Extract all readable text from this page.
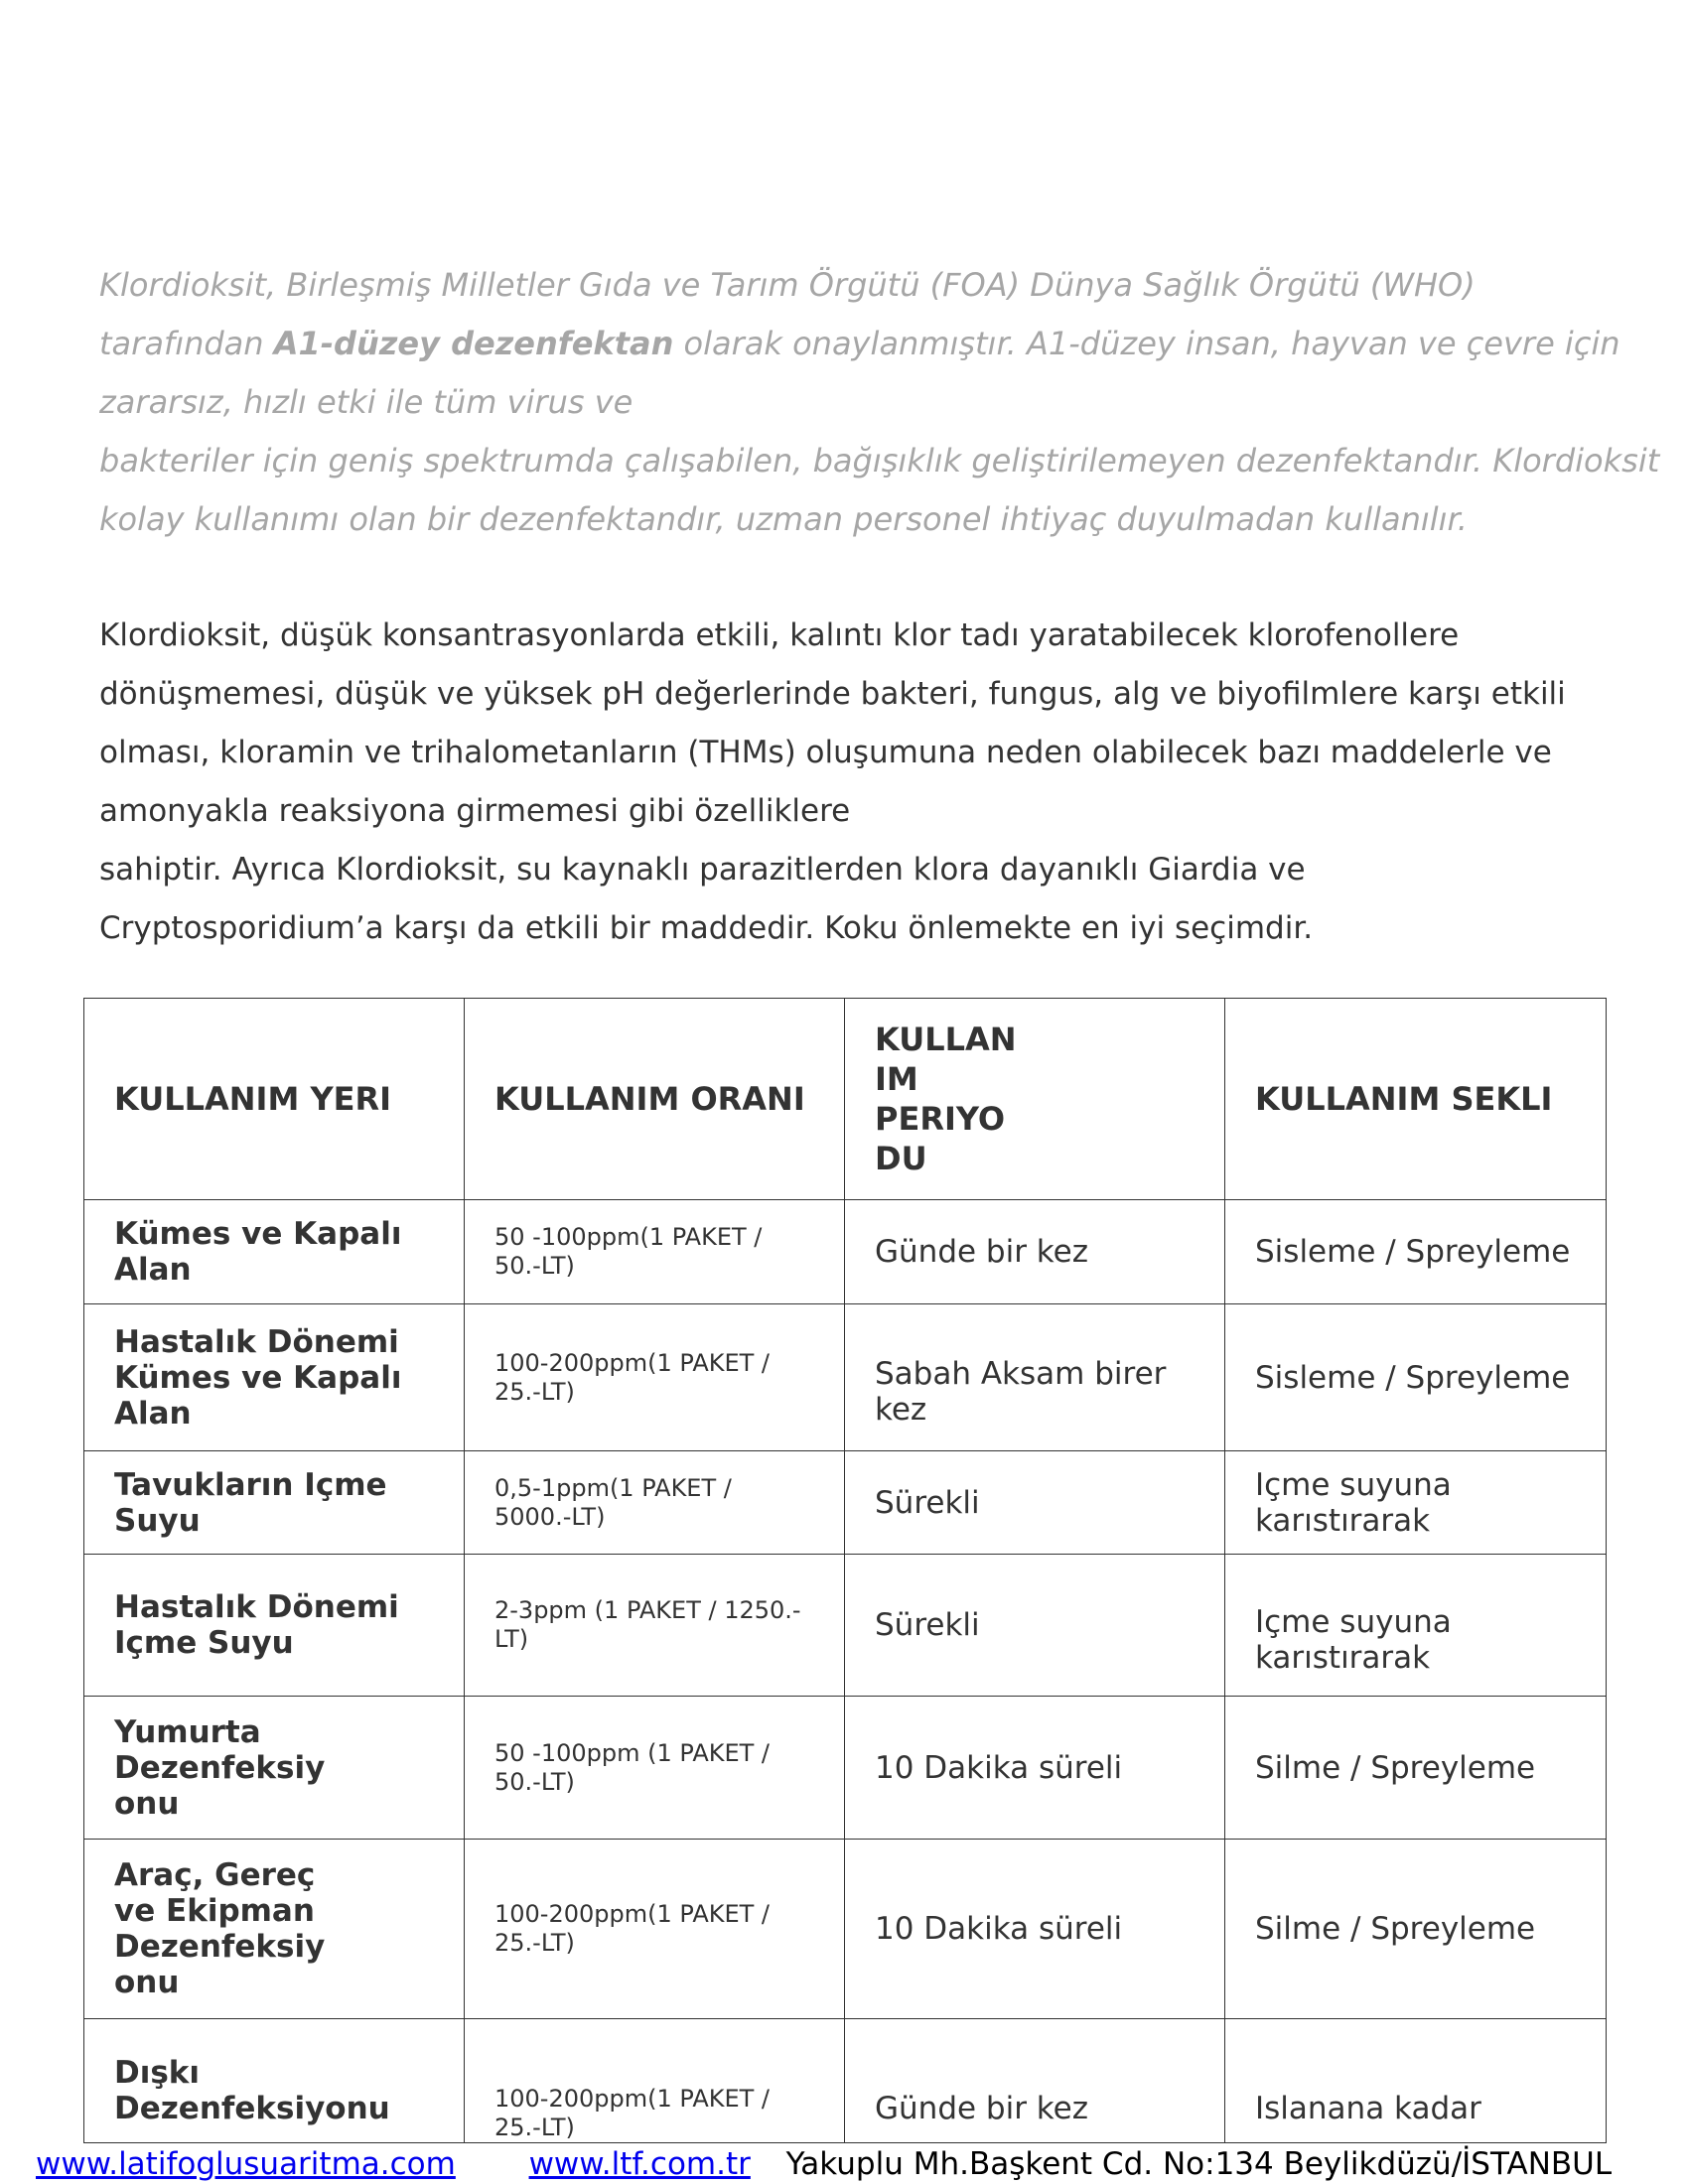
Klordioksit, Birleşmiş Milletler Gıda ve Tarım Örgütü (FOA) Dünya Sağlık Örgütü (WHO)
tarafından A1-düzey dezenfektan olarak onaylanmıştır. A1-düzey insan, hayvan ve çevre için
zararsız, hızlı etki ile tüm virus ve
bakteriler için geniş spektrumda çalışabilen, bağışıklık geliştirilemeyen dezenfektandır. Klordioksit
kolay kullanımı olan bir dezenfektandır, uzman personel ihtiyaç duyulmadan kullanılır.
Klordioksit, düşük konsantrasyonlarda etkili, kalıntı klor tadı yaratabilecek klorofenollere
dönüşmemesi, düşük ve yüksek pH değerlerinde bakteri, fungus, alg ve biyofilmlere karşı etkili
olması, kloramin ve trihalometanların (THMs) oluşumuna neden olabilecek bazı maddelerle ve
amonyakla reaksiyona girmemesi gibi özelliklere
sahiptir. Ayrıca Klordioksit, su kaynaklı parazitlerden klora dayanıklı Giardia ve
Cryptosporidium’a karşı da etkili bir maddedir. Koku önlemekte en iyi seçimdir.
KULLANIM YERI	KULLANIM ORANI	KULLAN
IM
PERIYO
DU	KULLANIM SEKLI
Kümes ve Kapalı
Alan	50 -100ppm(1 PAKET /
50.-LT)	Günde bir kez	Sisleme / Spreyleme
Hastalık Dönemi
Kümes ve Kapalı
Alan	100-200ppm(1 PAKET /
25.-LT)	Sabah Aksam birer
kez	Sisleme / Spreyleme
Tavukların Içme
Suyu	0,5-1ppm(1 PAKET /
5000.-LT)	Sürekli	Içme suyuna
karıstırarak
Hastalık Dönemi
Içme Suyu	2-3ppm (1 PAKET / 1250.-
LT)	Sürekli	Içme suyuna
karıstırarak
Yumurta
Dezenfeksiy
onu	50 -100ppm (1 PAKET /
50.-LT)	10 Dakika süreli	Silme / Spreyleme
Araç, Gereç
ve Ekipman
Dezenfeksiy
onu	100-200ppm(1 PAKET /
25.-LT)	10 Dakika süreli	Silme / Spreyleme
Dışkı
Dezenfeksiyonu	100-200ppm(1 PAKET /
25.-LT)	Günde bir kez	Islanana kadar
www.latifoglusuaritma.com www.ltf.com.tr Yakuplu Mh.Başkent Cd. No:134 Beylikdüzü/İSTANBUL
